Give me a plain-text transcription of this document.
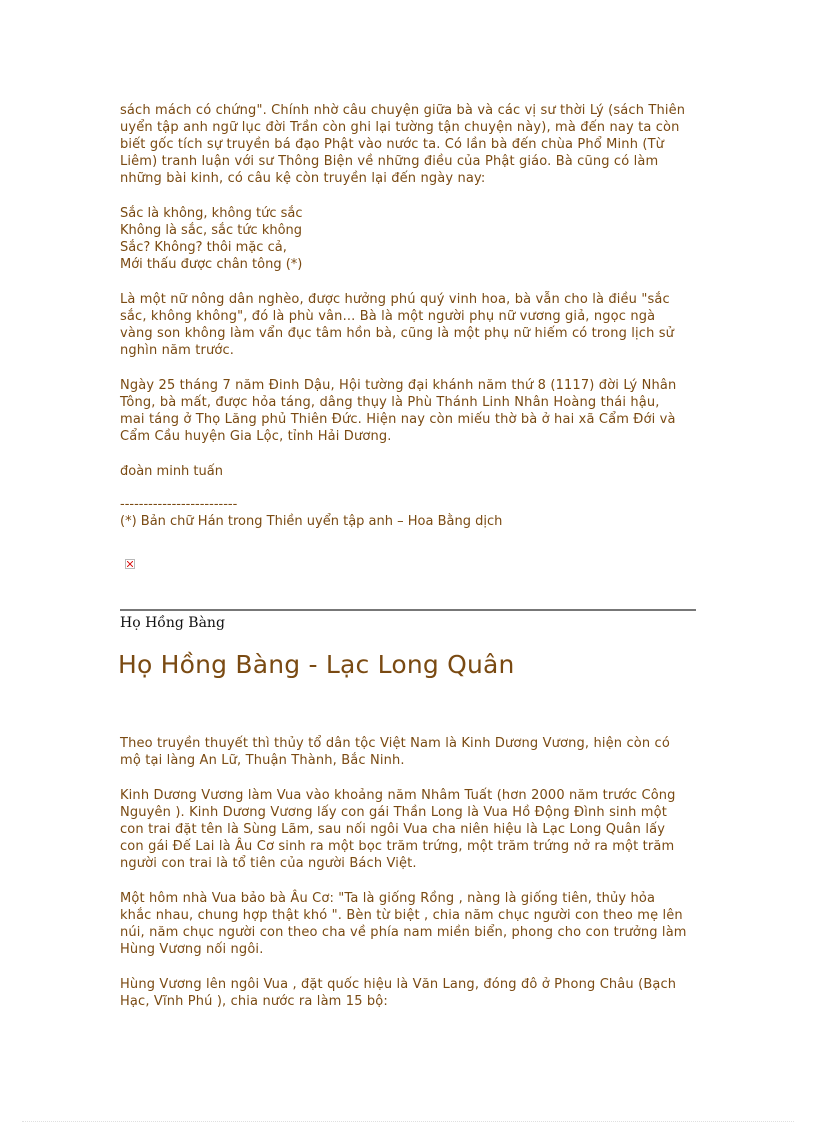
sách mách có chứng". Chính nhờ câu chuyện giữa bà và các vị sư thời Lý (sách Thiên
uyển tập anh ngữ lục đời Trần còn ghi lại tường tận chuyện này), mà đến nay ta còn
biết gốc tích sự truyền bá đạo Phật vào nước ta. Có lần bà đến chùa Phổ Minh (Từ
Liêm) tranh luận với sư Thông Biện về những điều của Phật giáo. Bà cũng có làm
những bài kinh, có câu kệ còn truyền lại đến ngày nay:

Sắc là không, không tức sắc
Không là sắc, sắc tức không
Sắc? Không? thôi mặc cả,
Mới thấu được chân tông (*)

Là một nữ nông dân nghèo, được hưởng phú quý vinh hoa, bà vẫn cho là điều "sắc
sắc, không không", đó là phù vân... Bà là một người phụ nữ vương giả, ngọc ngà
vàng son không làm vẩn đục tâm hồn bà, cũng là một phụ nữ hiếm có trong lịch sử
nghìn năm trước.

Ngày 25 tháng 7 năm Đinh Dậu, Hội tường đại khánh năm thứ 8 (1117) đời Lý Nhân
Tông, bà mất, được hỏa táng, dâng thụy là Phù Thánh Linh Nhân Hoàng thái hậu,
mai táng ở Thọ Lăng phủ Thiên Đức. Hiện nay còn miếu thờ bà ở hai xã Cẩm Đới và
Cẩm Cầu huyện Gia Lộc, tỉnh Hải Dương.

đoàn minh tuấn
-------------------------
(*) Bản chữ Hán trong Thiền uyển tập anh – Hoa Bằng dịch
Họ Hồng Bàng
Họ Hồng Bàng - Lạc Long Quân

Theo truyền thuyết thì thủy tổ dân tộc Việt Nam là Kinh Dương Vương, hiện còn có
mộ tại làng An Lữ, Thuận Thành, Bắc Ninh.

Kinh Dương Vương làm Vua vào khoảng năm Nhâm Tuất (hơn 2000 năm trước Công
Nguyên ). Kinh Dương Vương lấy con gái Thần Long là Vua Hồ Động Đình sinh một
con trai đặt tên là Sùng Lãm, sau nối ngôi Vua cha niên hiệu là Lạc Long Quân lấy
con gái Đế Lai là Âu Cơ sinh ra một bọc trăm trứng, một trăm trứng nở ra một trăm
người con trai là tổ tiên của người Bách Việt.

Một hôm nhà Vua bảo bà Âu Cơ: "Ta là giống Rồng , nàng là giống tiên, thủy hỏa
khắc nhau, chung hợp thật khó ". Bèn từ biệt , chia năm chục người con theo mẹ lên
núi, năm chục người con theo cha về phía nam miền biển, phong cho con trưởng làm
Hùng Vương nối ngôi.

Hùng Vương lên ngôi Vua , đặt quốc hiệu là Văn Lang, đóng đô ở Phong Châu (Bạch
Hạc, Vĩnh Phú ), chia nước ra làm 15 bộ:
